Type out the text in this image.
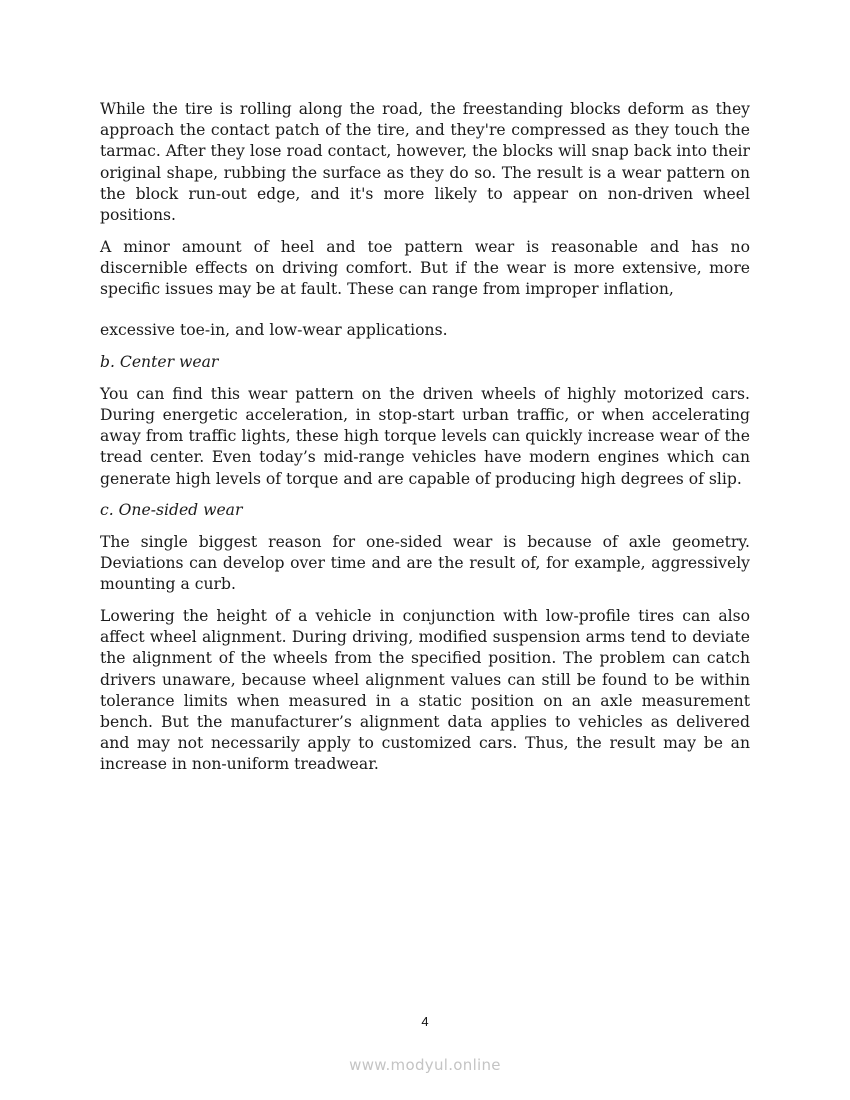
While the tire is rolling along the road, the freestanding blocks deform as they approach the contact patch of the tire, and they're compressed as they touch the tarmac. After they lose road contact, however, the blocks will snap back into their original shape, rubbing the surface as they do so. The result is a wear pattern on the block run-out edge, and it's more likely to appear on non-driven wheel positions.

A minor amount of heel and toe pattern wear is reasonable and has no discernible effects on driving comfort. But if the wear is more extensive, more specific issues may be at fault. These can range from improper inflation,

excessive toe-in, and low-wear applications.

b. Center wear

You can find this wear pattern on the driven wheels of highly motorized cars. During energetic acceleration, in stop-start urban traffic, or when accelerating away from traffic lights, these high torque levels can quickly increase wear of the tread center. Even today’s mid-range vehicles have modern engines which can generate high levels of torque and are capable of producing high degrees of slip.

c. One-sided wear

The single biggest reason for one-sided wear is because of axle geometry. Deviations can develop over time and are the result of, for example, aggressively mounting a curb.

Lowering the height of a vehicle in conjunction with low-profile tires can also affect wheel alignment. During driving, modified suspension arms tend to deviate the alignment of the wheels from the specified position. The problem can catch drivers unaware, because wheel alignment values can still be found to be within tolerance limits when measured in a static position on an axle measurement bench. But the manufacturer’s alignment data applies to vehicles as delivered and may not necessarily apply to customized cars. Thus, the result may be an increase in non-uniform treadwear.

4
www.modyul.online
